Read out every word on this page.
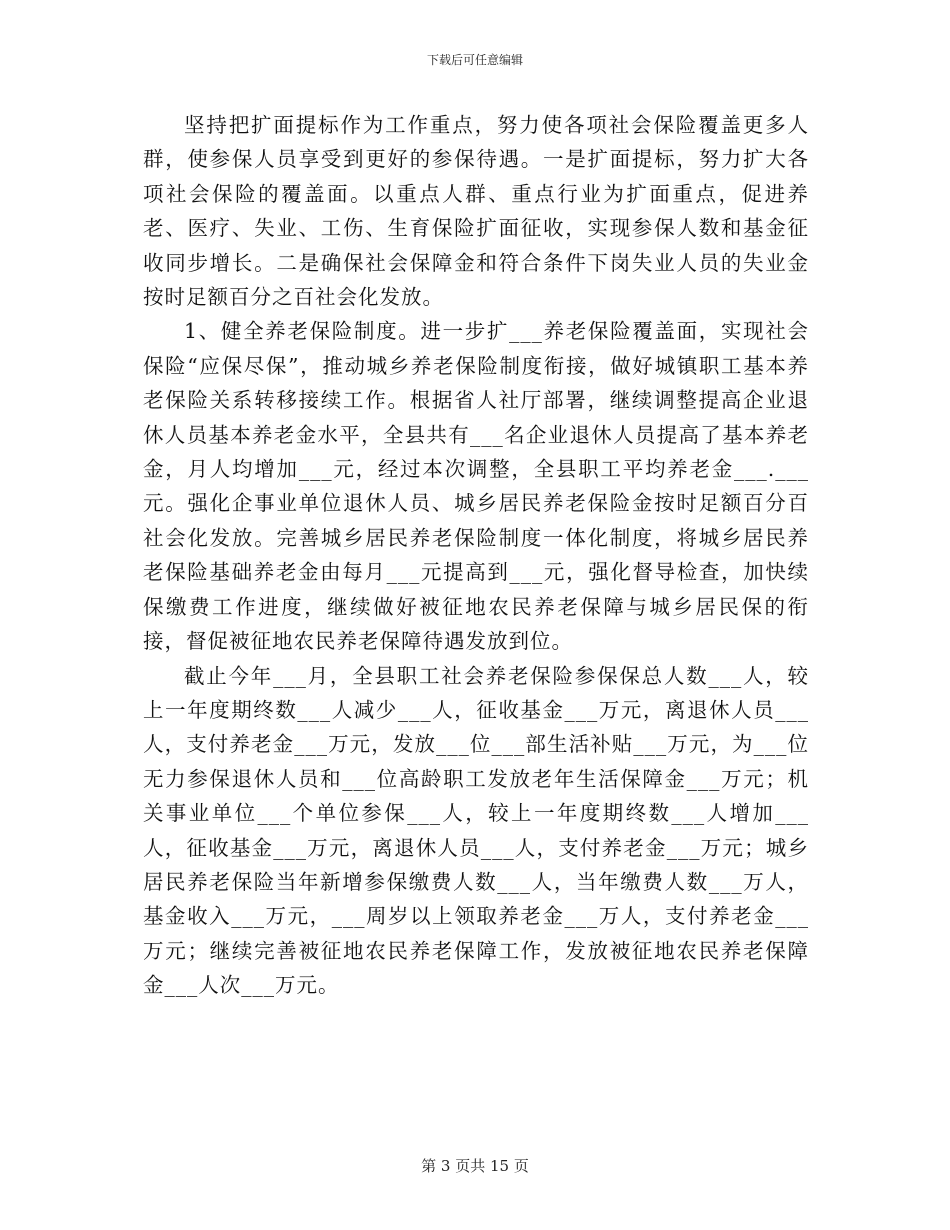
下载后可任意编辑

坚持把扩面提标作为工作重点，努力使各项社会保险覆盖更多人群，使参保人员享受到更好的参保待遇。一是扩面提标，努力扩大各项社会保险的覆盖面。以重点人群、重点行业为扩面重点，促进养老、医疗、失业、工伤、生育保险扩面征收，实现参保人数和基金征收同步增长。二是确保社会保障金和符合条件下岗失业人员的失业金按时足额百分之百社会化发放。

1、健全养老保险制度。进一步扩___养老保险覆盖面，实现社会保险“应保尽保”，推动城乡养老保险制度衔接，做好城镇职工基本养老保险关系转移接续工作。根据省人社厅部署，继续调整提高企业退休人员基本养老金水平，全县共有___名企业退休人员提高了基本养老金，月人均增加___元，经过本次调整，全县职工平均养老金___.___元。强化企事业单位退休人员、城乡居民养老保险金按时足额百分百社会化发放。完善城乡居民养老保险制度一体化制度，将城乡居民养老保险基础养老金由每月___元提高到___元，强化督导检查，加快续保缴费工作进度，继续做好被征地农民养老保障与城乡居民保的衔接，督促被征地农民养老保障待遇发放到位。

截止今年___月，全县职工社会养老保险参保保总人数___人，较上一年度期终数___人减少___人，征收基金___万元，离退休人员___人，支付养老金___万元，发放___位___部生活补贴___万元，为___位无力参保退休人员和___位高龄职工发放老年生活保障金___万元；机关事业单位___个单位参保___人，较上一年度期终数___人增加___人，征收基金___万元，离退休人员___人，支付养老金___万元；城乡居民养老保险当年新增参保缴费人数___人，当年缴费人数___万人，基金收入___万元，___周岁以上领取养老金___万人，支付养老金___万元；继续完善被征地农民养老保障工作，发放被征地农民养老保障金___人次___万元。

第 3 页共 15 页
